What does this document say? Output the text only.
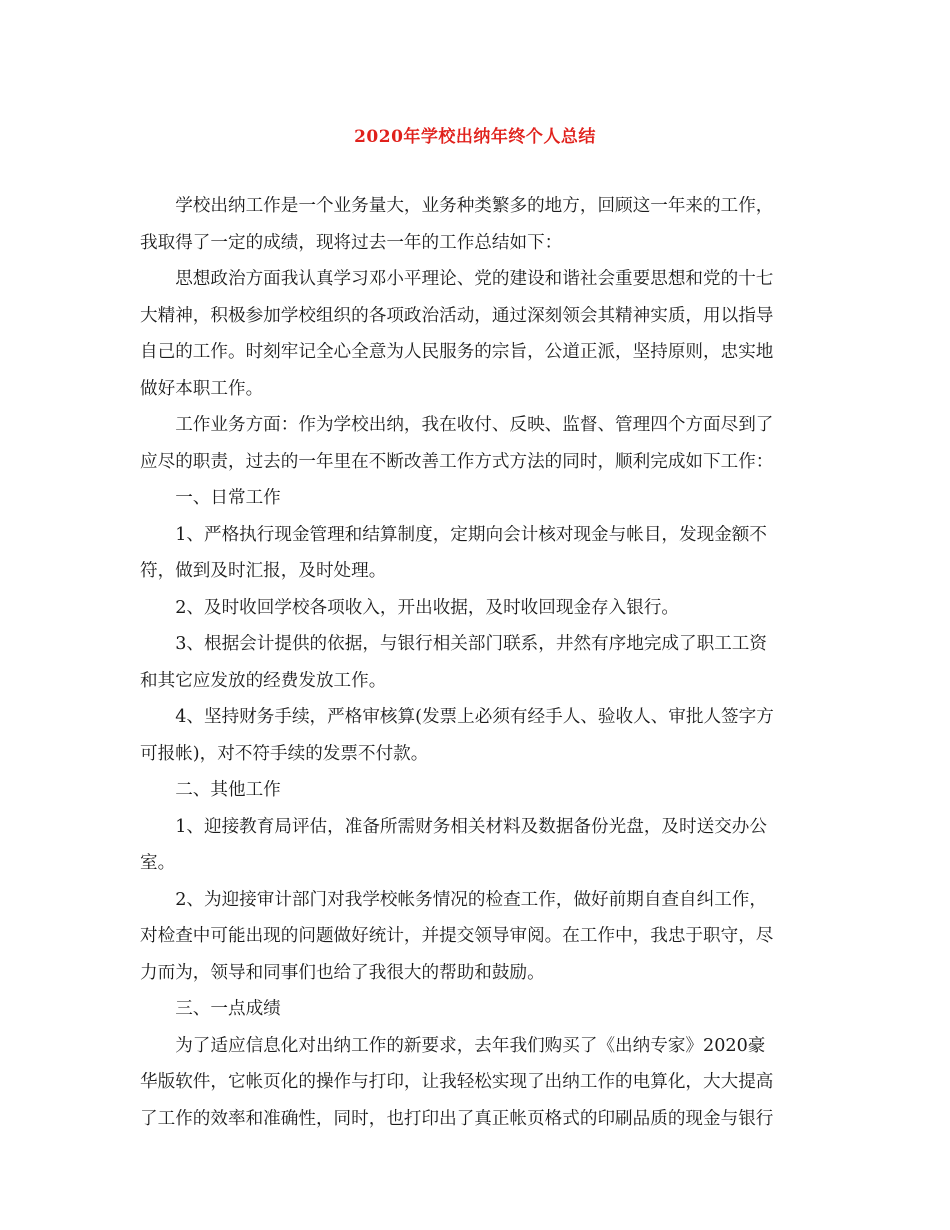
2020年学校出纳年终个人总结

学校出纳工作是一个业务量大，业务种类繁多的地方，回顾这一年来的工作，
我取得了一定的成绩，现将过去一年的工作总结如下：

思想政治方面我认真学习邓小平理论、党的建设和谐社会重要思想和党的十七
大精神，积极参加学校组织的各项政治活动，通过深刻领会其精神实质，用以指导
自己的工作。时刻牢记全心全意为人民服务的宗旨，公道正派，坚持原则，忠实地
做好本职工作。

工作业务方面：作为学校出纳，我在收付、反映、监督、管理四个方面尽到了
应尽的职责，过去的一年里在不断改善工作方式方法的同时，顺利完成如下工作：

一、日常工作

1、严格执行现金管理和结算制度，定期向会计核对现金与帐目，发现金额不
符，做到及时汇报，及时处理。

2、及时收回学校各项收入，开出收据，及时收回现金存入银行。

3、根据会计提供的依据，与银行相关部门联系，井然有序地完成了职工工资
和其它应发放的经费发放工作。

4、坚持财务手续，严格审核算(发票上必须有经手人、验收人、审批人签字方
可报帐)，对不符手续的发票不付款。

二、其他工作

1、迎接教育局评估，准备所需财务相关材料及数据备份光盘，及时送交办公
室。

2、为迎接审计部门对我学校帐务情况的检查工作，做好前期自查自纠工作，
对检查中可能出现的问题做好统计，并提交领导审阅。在工作中，我忠于职守，尽
力而为，领导和同事们也给了我很大的帮助和鼓励。

三、一点成绩

为了适应信息化对出纳工作的新要求，去年我们购买了《出纳专家》2020豪
华版软件，它帐页化的操作与打印，让我轻松实现了出纳工作的电算化，大大提高
了工作的效率和准确性，同时，也打印出了真正帐页格式的印刷品质的现金与银行
